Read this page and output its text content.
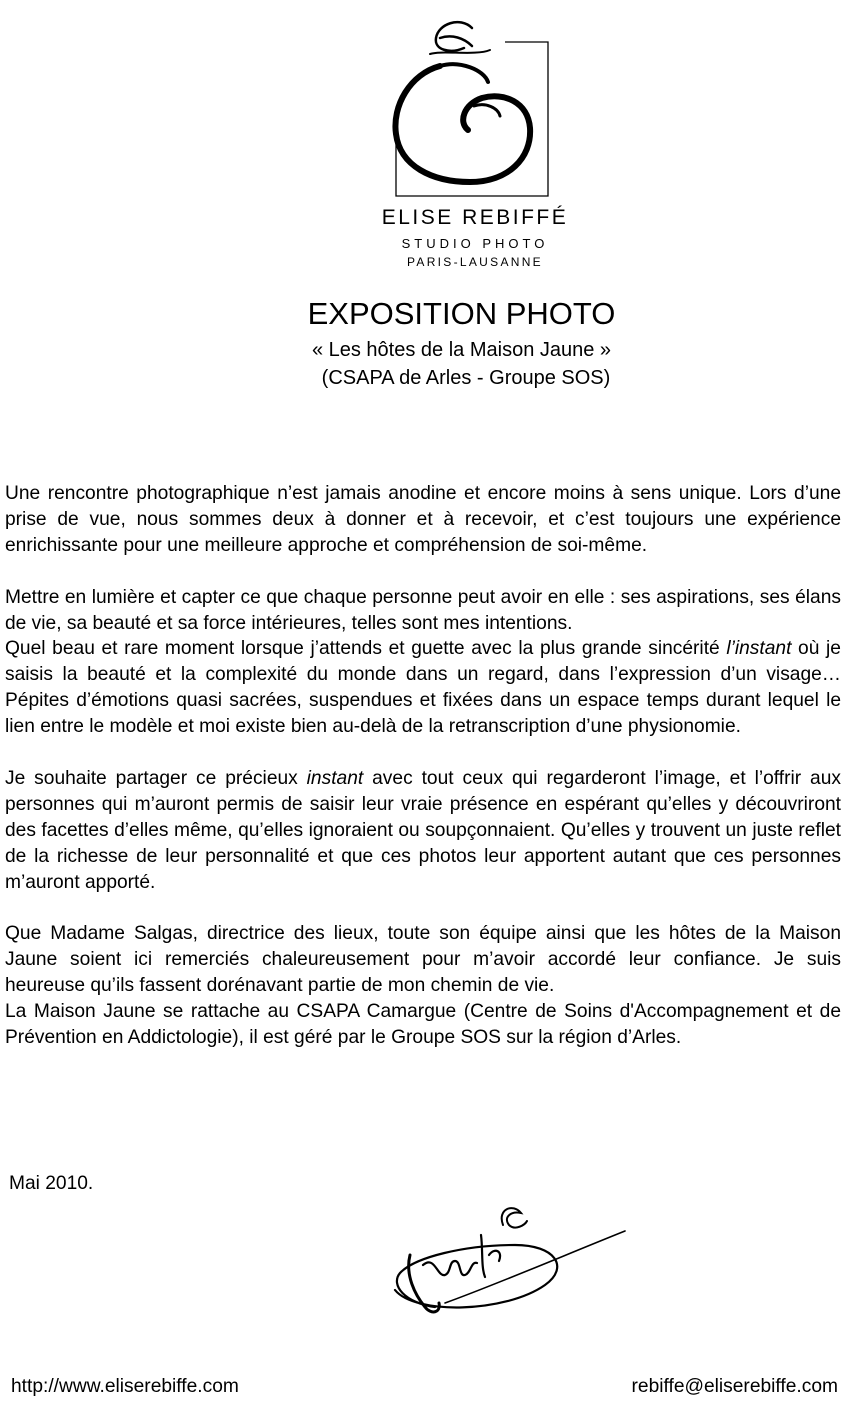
ELISE REBIFFÉ
STUDIO PHOTO
PARIS-LAUSANNE
EXPOSITION PHOTO
« Les hôtes de la Maison Jaune »
(CSAPA de Arles - Groupe SOS)

Une rencontre photographique n’est jamais anodine et encore moins à sens unique. Lors d’une prise de vue, nous sommes deux à donner et à recevoir, et c’est toujours une expérience enrichissante pour une meilleure approche et compréhension de soi-même.

Mettre en lumière et capter ce que chaque personne peut avoir en elle : ses aspirations, ses élans de vie, sa beauté et sa force intérieures, telles sont mes intentions.

Quel beau et rare moment lorsque j’attends et guette avec la plus grande sincérité l’instant où je saisis la beauté et la complexité du monde dans un regard, dans l’expression d’un visage… Pépites d’émotions quasi sacrées, suspendues et fixées dans un espace temps durant lequel le lien entre le modèle et moi existe bien au-delà de la retranscription d’une physionomie.

Je souhaite partager ce précieux instant avec tout ceux qui regarderont l’image, et l’offrir aux personnes qui m’auront permis de saisir leur vraie présence en espérant qu’elles y découvriront des facettes d’elles même, qu’elles ignoraient ou soupçonnaient. Qu’elles y trouvent un juste reflet de la richesse de leur personnalité et que ces photos leur apportent autant que ces personnes m’auront apporté.

Que Madame Salgas, directrice des lieux, toute son équipe ainsi que les hôtes de la Maison Jaune soient ici remerciés chaleureusement pour m’avoir accordé leur confiance. Je suis heureuse qu’ils fassent dorénavant partie de mon chemin de vie.

La Maison Jaune se rattache au CSAPA Camargue (Centre de Soins d'Accompagnement et de Prévention en Addictologie), il est géré par le Groupe SOS sur la région d’Arles.

Mai 2010.
http://www.eliserebiffe.com	rebiffe@eliserebiffe.com
